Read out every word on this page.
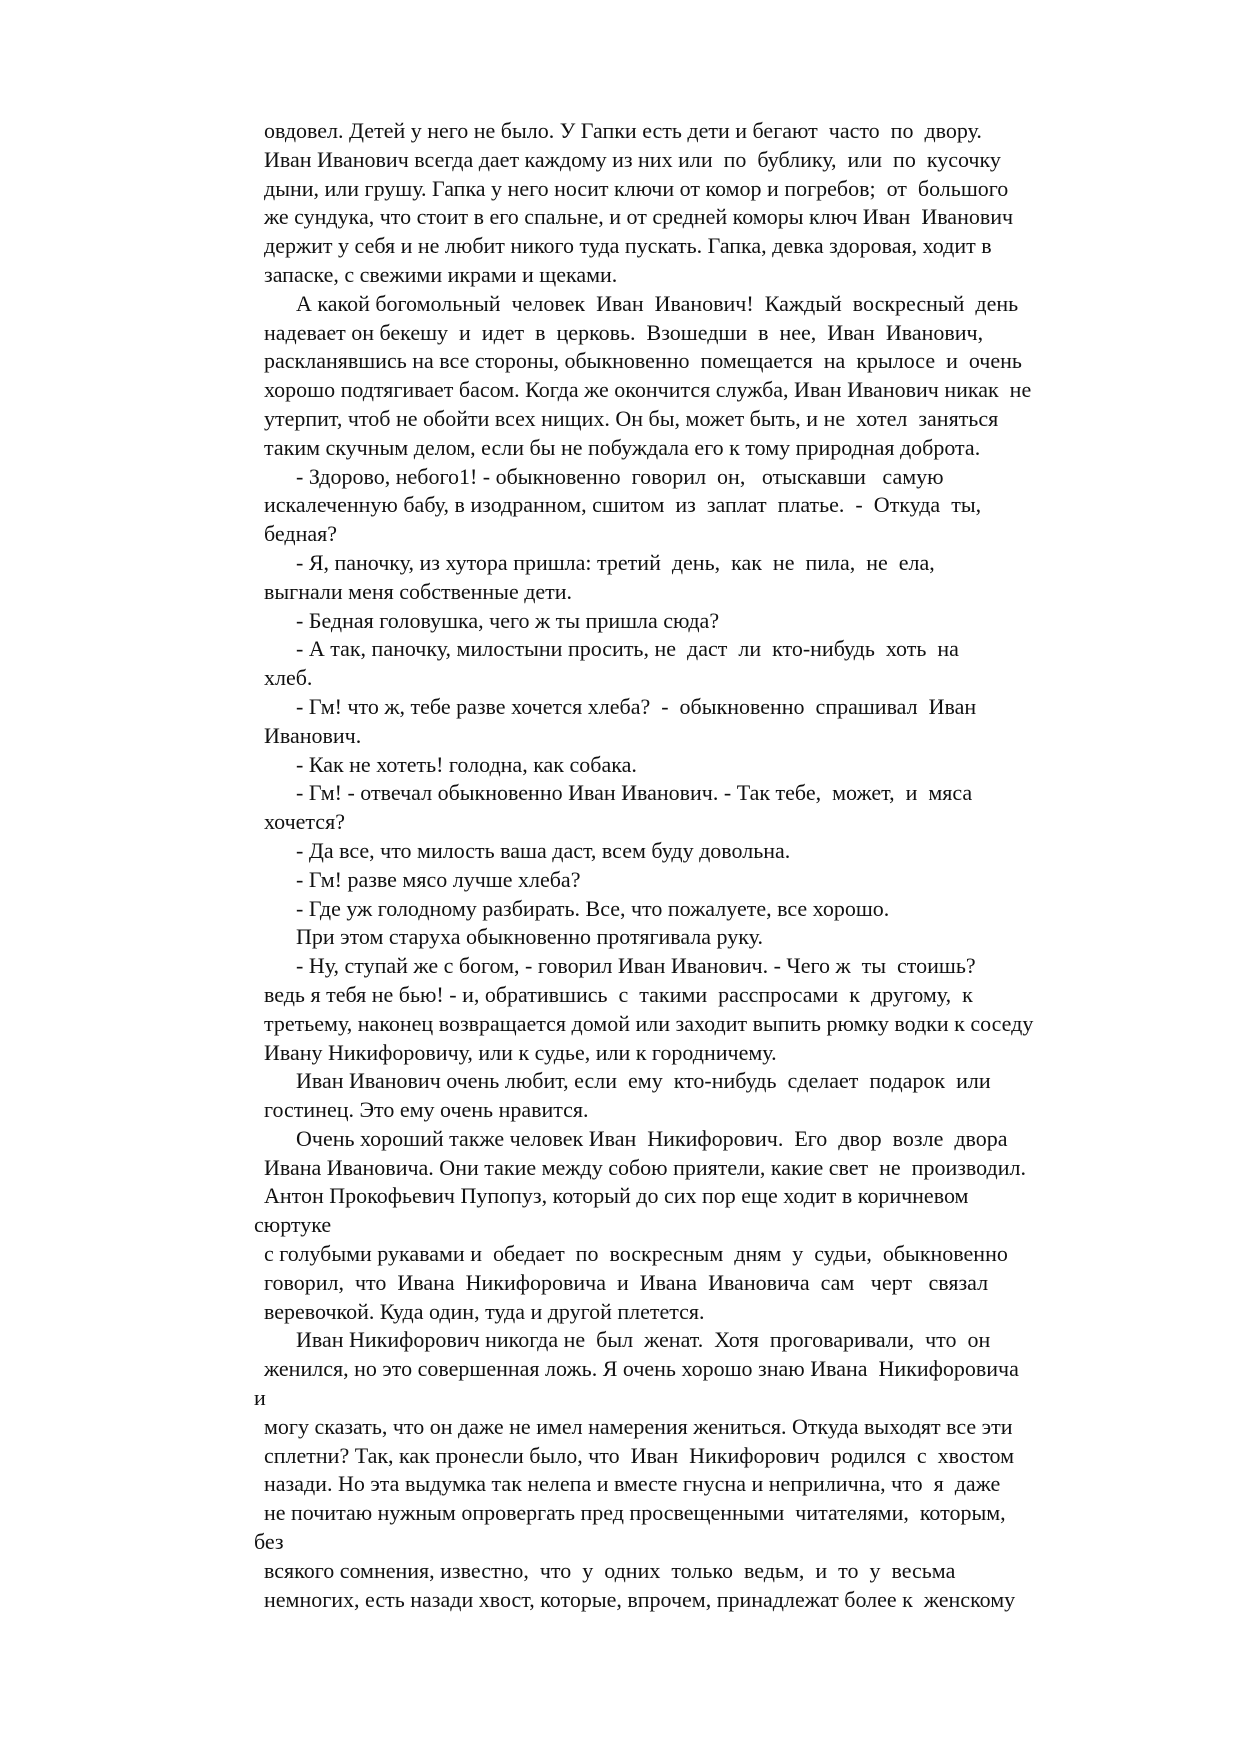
овдовел. Детей у него не было. У Гапки есть дети и бегают  часто  по  двору.
Иван Иванович всегда дает каждому из них или  по  бублику,  или  по  кусочку
дыни, или грушу. Гапка у него носит ключи от комор и погребов;  от  большого
же сундука, что стоит в его спальне, и от средней коморы ключ Иван  Иванович
держит у себя и не любит никого туда пускать. Гапка, девка здоровая, ходит в
запаске, с свежими икрами и щеками.
А какой богомольный  человек  Иван  Иванович!  Каждый  воскресный  день
надевает он бекешу  и  идет  в  церковь.  Взошедши  в  нее,  Иван  Иванович,
раскланявшись на все стороны, обыкновенно  помещается  на  крылосе  и  очень
хорошо подтягивает басом. Когда же окончится служба, Иван Иванович никак  не
утерпит, чтоб не обойти всех нищих. Он бы, может быть, и не  хотел  заняться
таким скучным делом, если бы не побуждала его к тому природная доброта.
- Здорово, небого1! - обыкновенно  говорил  он,   отыскавши   самую
искалеченную бабу, в изодранном, сшитом  из  заплат  платье.  -  Откуда  ты,
бедная?
- Я, паночку, из хутора пришла: третий  день,  как  не  пила,  не  ела,
выгнали меня собственные дети.
- Бедная головушка, чего ж ты пришла сюда?
- А так, паночку, милостыни просить, не  даст  ли  кто-нибудь  хоть  на
хлеб.
- Гм! что ж, тебе разве хочется хлеба?  -  обыкновенно  спрашивал  Иван
Иванович.
- Как не хотеть! голодна, как собака.
- Гм! - отвечал обыкновенно Иван Иванович. - Так тебе,  может,  и  мяса
хочется?
- Да все, что милость ваша даст, всем буду довольна.
- Гм! разве мясо лучше хлеба?
- Где уж голодному разбирать. Все, что пожалуете, все хорошо.
При этом старуха обыкновенно протягивала руку.
- Ну, ступай же с богом, - говорил Иван Иванович. - Чего ж  ты  стоишь?
ведь я тебя не бью! - и, обратившись  с  такими  расспросами  к  другому,  к
третьему, наконец возвращается домой или заходит выпить рюмку водки к соседу
Ивану Никифоровичу, или к судье, или к городничему.
Иван Иванович очень любит, если  ему  кто-нибудь  сделает  подарок  или
гостинец. Это ему очень нравится.
Очень хороший также человек Иван  Никифорович.  Его  двор  возле  двора
Ивана Ивановича. Они такие между собою приятели, какие свет  не  производил.
Антон Прокофьевич Пупопуз, который до сих пор еще ходит в коричневом
сюртуке
с голубыми рукавами и  обедает  по  воскресным  дням  у  судьи,  обыкновенно
говорил,  что  Ивана  Никифоровича  и  Ивана  Ивановича  сам   черт   связал
веревочкой. Куда один, туда и другой плетется.
Иван Никифорович никогда не  был  женат.  Хотя  проговаривали,  что  он
женился, но это совершенная ложь. Я очень хорошо знаю Ивана  Никифоровича
и
могу сказать, что он даже не имел намерения жениться. Откуда выходят все эти
сплетни? Так, как пронесли было, что  Иван  Никифорович  родился  с  хвостом
назади. Но эта выдумка так нелепа и вместе гнусна и неприлична, что  я  даже
не почитаю нужным опровергать пред просвещенными  читателями,  которым,
без
всякого сомнения, известно,  что  у  одних  только  ведьм,  и  то  у  весьма
немногих, есть назади хвост, которые, впрочем, принадлежат более к  женскому
